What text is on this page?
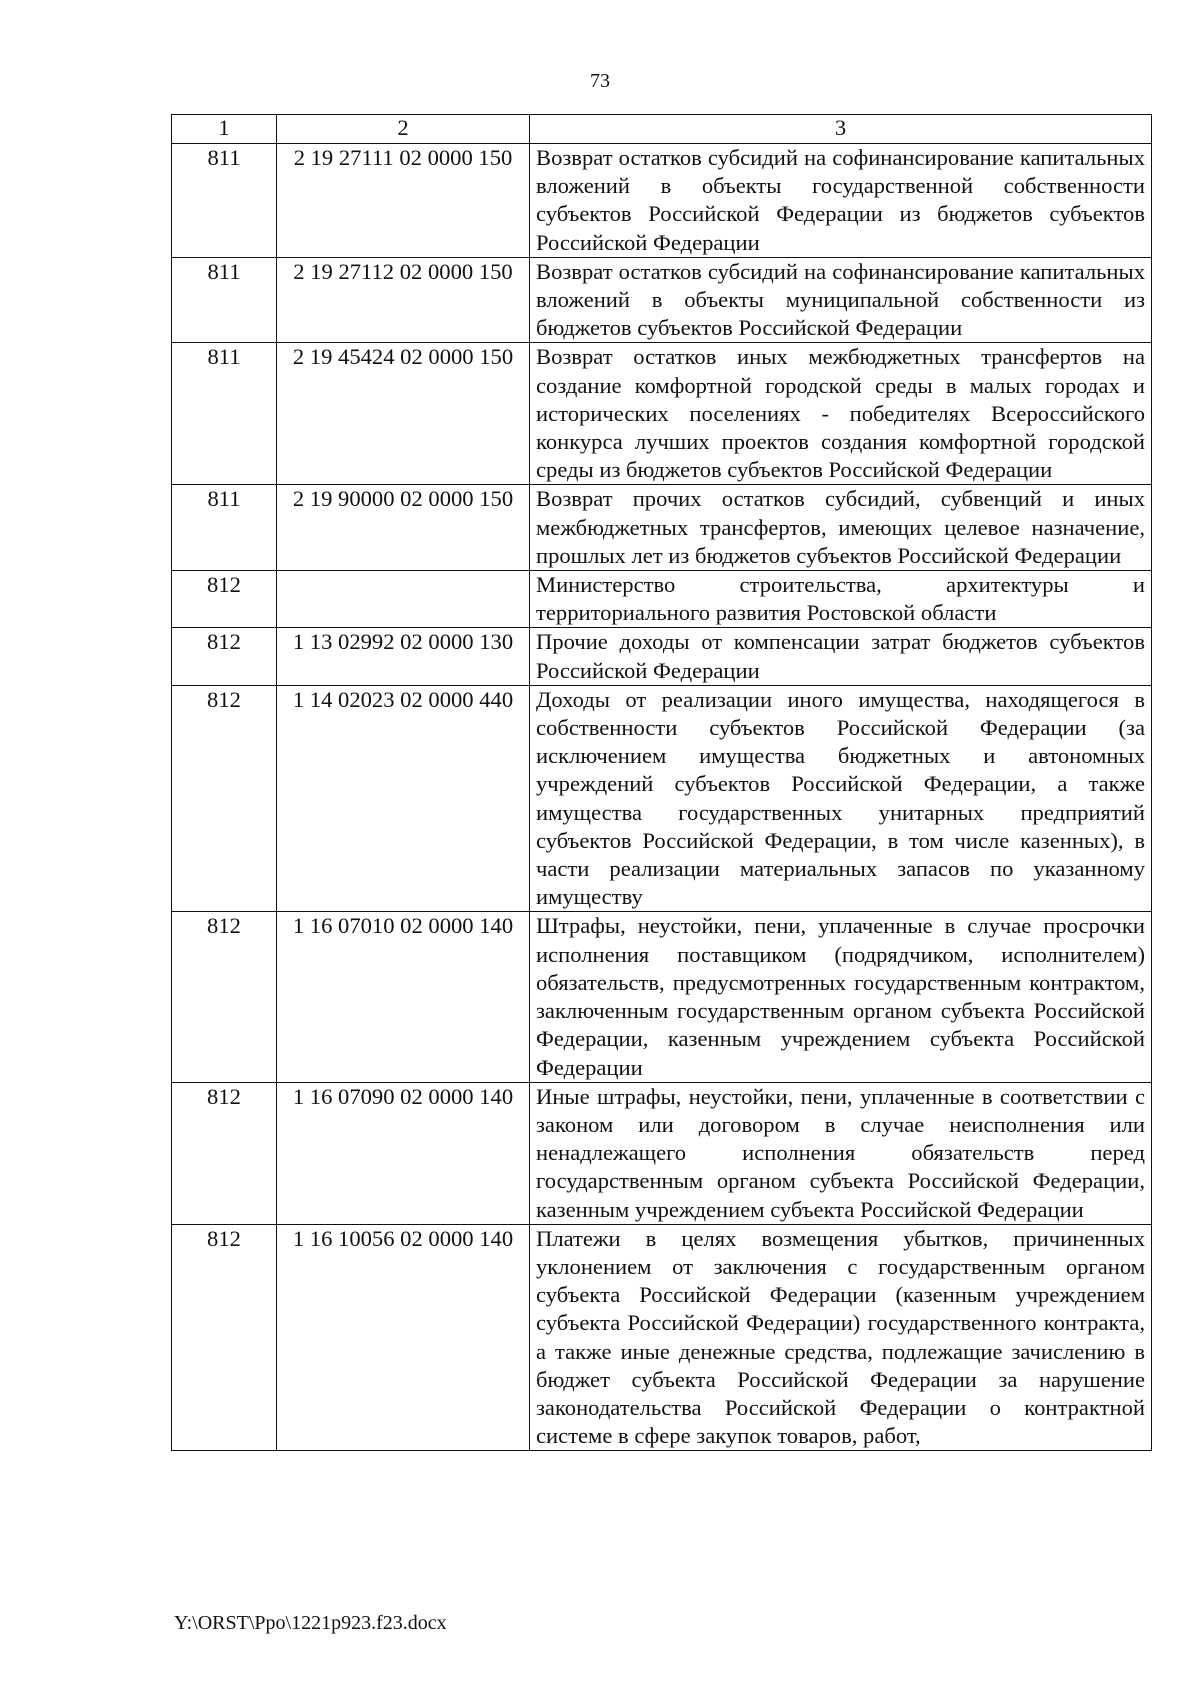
73
1	2	3
811	2 19 27111 02 0000 150	Возврат остатков субсидий на софинансирование капитальных вложений в объекты государственной собственности субъектов Российской Федерации из бюджетов субъектов Российской Федерации
811	2 19 27112 02 0000 150	Возврат остатков субсидий на софинансирование капитальных вложений в объекты муниципальной собственности из бюджетов субъектов Российской Федерации
811	2 19 45424 02 0000 150	Возврат остатков иных межбюджетных трансфертов на создание комфортной городской среды в малых городах и исторических поселениях - победителях Всероссийского конкурса лучших проектов создания комфортной городской среды из бюджетов субъектов Российской Федерации
811	2 19 90000 02 0000 150	Возврат прочих остатков субсидий, субвенций и иных межбюджетных трансфертов, имеющих целевое назначение, прошлых лет из бюджетов субъектов Российской Федерации
812		Министерство строительства, архитектуры и территориального развития Ростовской области
812	1 13 02992 02 0000 130	Прочие доходы от компенсации затрат бюджетов субъектов Российской Федерации
812	1 14 02023 02 0000 440	Доходы от реализации иного имущества, находящегося в собственности субъектов Российской Федерации (за исключением имущества бюджетных и автономных учреждений субъектов Российской Федерации, а также имущества государственных унитарных предприятий субъектов Российской Федерации, в том числе казенных), в части реализации материальных запасов по указанному имуществу
812	1 16 07010 02 0000 140	Штрафы, неустойки, пени, уплаченные в случае просрочки исполнения поставщиком (подрядчиком, исполнителем) обязательств, предусмотренных государственным контрактом, заключенным государственным органом субъекта Российской Федерации, казенным учреждением субъекта Российской Федерации
812	1 16 07090 02 0000 140	Иные штрафы, неустойки, пени, уплаченные в соответствии с законом или договором в случае неисполнения или ненадлежащего исполнения обязательств перед государственным органом субъекта Российской Федерации, казенным учреждением субъекта Российской Федерации
812	1 16 10056 02 0000 140	Платежи в целях возмещения убытков, причиненных уклонением от заключения с государственным органом субъекта Российской Федерации (казенным учреждением субъекта Российской Федерации) государственного контракта, а также иные денежные средства, подлежащие зачислению в бюджет субъекта Российской Федерации за нарушение законодательства Российской Федерации о контрактной системе в сфере закупок товаров, работ,
Y:\ORST\Ppo\1221p923.f23.docx
